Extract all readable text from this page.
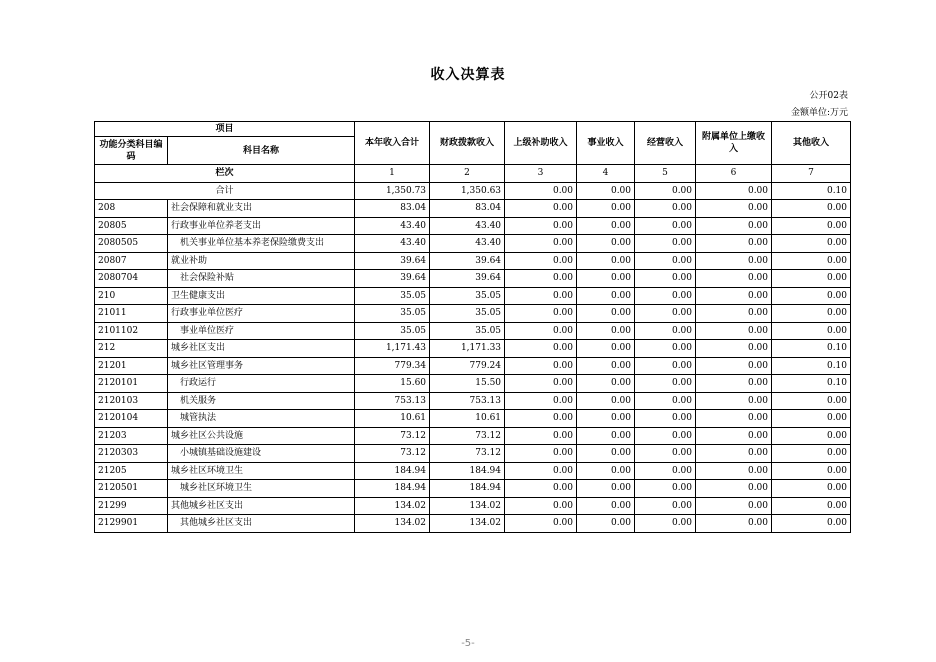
收入决算表
公开02表
金额单位:万元
项目		本年收入合计	财政拨款收入	上级补助收入	事业收入	经营收入	附属单位上缴收入	其他收入
功能分类科目编码	科目名称							
栏次		1	2	3	4	5	6	7
合计		1,350.73	1,350.63	0.00	0.00	0.00	0.00	0.10
208	社会保障和就业支出	83.04	83.04	0.00	0.00	0.00	0.00	0.00
20805	行政事业单位养老支出	43.40	43.40	0.00	0.00	0.00	0.00	0.00
2080505	机关事业单位基本养老保险缴费支出	43.40	43.40	0.00	0.00	0.00	0.00	0.00
20807	就业补助	39.64	39.64	0.00	0.00	0.00	0.00	0.00
2080704	社会保险补贴	39.64	39.64	0.00	0.00	0.00	0.00	0.00
210	卫生健康支出	35.05	35.05	0.00	0.00	0.00	0.00	0.00
21011	行政事业单位医疗	35.05	35.05	0.00	0.00	0.00	0.00	0.00
2101102	事业单位医疗	35.05	35.05	0.00	0.00	0.00	0.00	0.00
212	城乡社区支出	1,171.43	1,171.33	0.00	0.00	0.00	0.00	0.10
21201	城乡社区管理事务	779.34	779.24	0.00	0.00	0.00	0.00	0.10
2120101	行政运行	15.60	15.50	0.00	0.00	0.00	0.00	0.10
2120103	机关服务	753.13	753.13	0.00	0.00	0.00	0.00	0.00
2120104	城管执法	10.61	10.61	0.00	0.00	0.00	0.00	0.00
21203	城乡社区公共设施	73.12	73.12	0.00	0.00	0.00	0.00	0.00
2120303	小城镇基础设施建设	73.12	73.12	0.00	0.00	0.00	0.00	0.00
21205	城乡社区环境卫生	184.94	184.94	0.00	0.00	0.00	0.00	0.00
2120501	城乡社区环境卫生	184.94	184.94	0.00	0.00	0.00	0.00	0.00
21299	其他城乡社区支出	134.02	134.02	0.00	0.00	0.00	0.00	0.00
2129901	其他城乡社区支出	134.02	134.02	0.00	0.00	0.00	0.00	0.00
-5-
